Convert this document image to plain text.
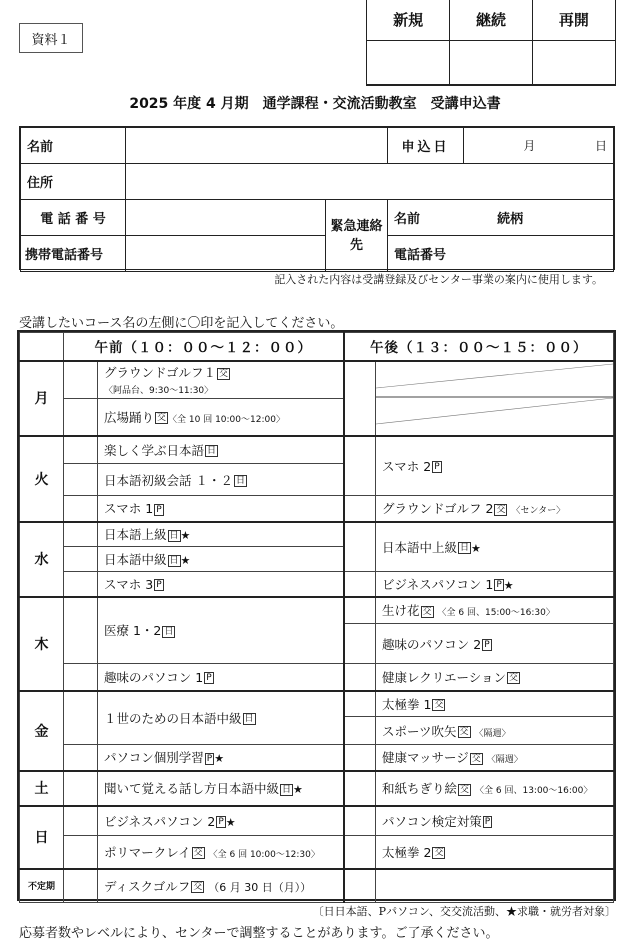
資料１
新規	継続	再開

2025 年度 4 月期　通学課程・交流活動教室　受講申込書
名前			申込日	月 日
住所				
電 話 番 号		緊急連絡先	名前 続柄	
携帯電話番号			電話番号	
記入された内容は受講登録及びセンター事業の案内に使用します。
受講したいコース名の左側に〇印を記入してください。
	午前（１０：００～１２：００）		午後（１３：００～１５：００）	
月		グラウンドゴルフ１ 交〈阿品台、9:30～11:30〉		
		広場踊り 交 〈全 10 回 10:00～12:00〉		
火		楽しく学ぶ日本語 日		スマホ 2 P
		日本語初級会話 １・２ 日		
		スマホ 1 P		グラウンドゴルフ 2 交 〈センター〉
水		日本語上級 日 ★		日本語中上級 日 ★
		日本語中級 日 ★		
		スマホ 3 P		ビジネスパソコン 1 P ★
木		医療 1・2 日		生け花 交 〈全 6 回、15:00～16:30〉
				趣味のパソコン 2 P
		趣味のパソコン 1 P		健康レクリエーション 交
金		１世のための日本語中級 日		太極拳 1 交
				スポーツ吹矢 交 〈隔週〉
		パソコン個別学習 P ★		健康マッサージ 交 〈隔週〉
土		聞いて覚える話し方日本語中級 日 ★		和紙ちぎり絵 交 〈全 6 回、13:00～16:00〉
日		ビジネスパソコン 2 P ★		パソコン検定対策 P
		ポリマークレイ 交 〈全 6 回 10:00～12:30〉		太極拳 2 交
不定期		ディスクゴルフ 交 （6 月 30 日（月））		
〔日日本語、Pパソコン、交交流活動、★求職・就労者対象〕
応募者数やレベルにより、センターで調整することがあります。ご了承ください。
